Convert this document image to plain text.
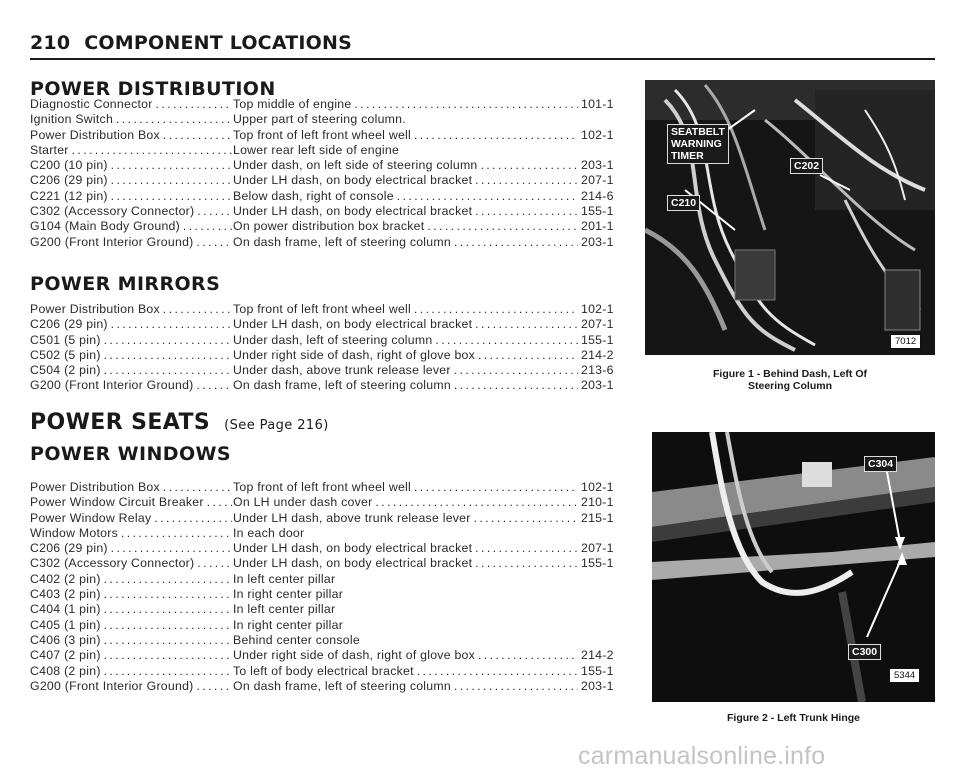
210 COMPONENT LOCATIONS
POWER DISTRIBUTION
Diagnostic Connector . . .	Top middle of engine . . .	101-1
Ignition Switch . . .	Upper part of steering column.
Power Distribution Box . . .	Top front of left front wheel well . . .	102-1
Starter . . .	Lower rear left side of engine
C200 (10 pin) . . .	Under dash, on left side of steering column . . .	203-1
C206 (29 pin) . . .	Under LH dash, on body electrical bracket . . .	207-1
C221 (12 pin) . . .	Below dash, right of console . . .	214-6
C302 (Accessory Connector) . . .	Under LH dash, on body electrical bracket . . .	155-1
G104 (Main Body Ground) . . .	On power distribution box bracket . . .	201-1
G200 (Front Interior Ground) . . .	On dash frame, left of steering column . . .	203-1
POWER MIRRORS
Power Distribution Box . . .	Top front of left front wheel well . . .	102-1
C206 (29 pin) . . .	Under LH dash, on body electrical bracket . . .	207-1
C501 (5 pin) . . .	Under dash, left of steering column . . .	155-1
C502 (5 pin) . . .	Under right side of dash, right of glove box . . .	214-2
C504 (2 pin) . . .	Under dash, above trunk release lever . . .	213-6
G200 (Front Interior Ground) . . .	On dash frame, left of steering column . . .	203-1
POWER SEATS (See Page 216)
POWER WINDOWS
Power Distribution Box . . .	Top front of left front wheel well . . .	102-1
Power Window Circuit Breaker . . .	On LH under dash cover . . .	210-1
Power Window Relay . . .	Under LH dash, above trunk release lever . . .	215-1
Window Motors . . .	In each door
C206 (29 pin) . . .	Under LH dash, on body electrical bracket . . .	207-1
C302 (Accessory Connector) . . .	Under LH dash, on body electrical bracket . . .	155-1
C402 (2 pin) . . .	In left center pillar
C403 (2 pin) . . .	In right center pillar
C404 (1 pin) . . .	In left center pillar
C405 (1 pin) . . .	In right center pillar
C406 (3 pin) . . .	Behind center console
C407 (2 pin) . . .	Under right side of dash, right of glove box . . .	214-2
C408 (2 pin) . . .	To left of body electrical bracket . . .	155-1
G200 (Front Interior Ground) . . .	On dash frame, left of steering column . . .	203-1
SEATBELT
WARNING
TIMER
C202
C210
7012
Figure 1 - Behind Dash, Left Of
Steering Column
C304
C300
5344
Figure 2 - Left Trunk Hinge
carmanualsonline.info
